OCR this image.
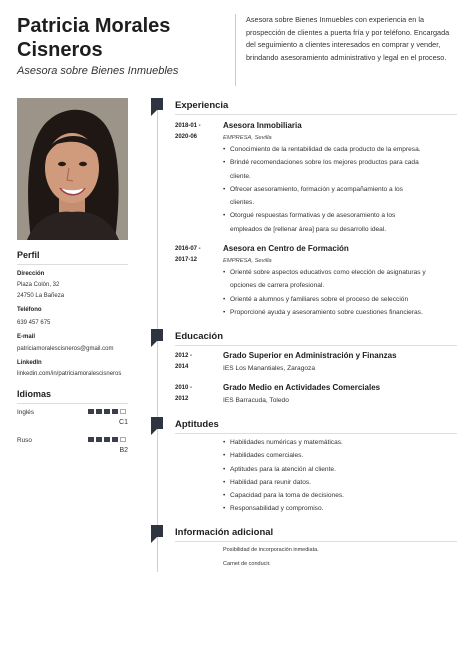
Patricia Morales Cisneros
Asesora sobre Bienes Inmuebles
Asesora sobre Bienes Inmuebles con experiencia en la prospección de clientes a puerta fría y por teléfono. Encargada del seguimiento a clientes interesados en comprar y vender, brindando asesoramiento administrativo y legal en el proceso.
Perfil
Dirección
Plaza Colón, 32
24750 La Bañeza
Teléfono
639 457 675
E-mail
patriciamoralescisneros@gmail.com
LinkedIn
linkedin.com/in/patriciamoralescisneros
Idiomas
Inglés
C1
Ruso
B2
Experiencia
2018-01 -
2020-06
Asesora Inmobiliaria
EMPRESA, Sevilla
• Conocimiento de la rentabilidad de cada producto de la empresa.
• Brindé recomendaciones sobre los mejores productos para cada
cliente.
• Ofrecer asesoramiento, formación y acompañamiento a los
clientes.
• Otorgué respuestas formativas y de asesoramiento a los
empleados de [rellenar área] para su desarrollo ideal.
2016-07 -
2017-12
Asesora en Centro de Formación
EMPRESA, Sevilla
• Orienté sobre aspectos educativos como elección de asignaturas y
opciones de carrera profesional.
• Orienté a alumnos y familiares sobre el proceso de selección
• Proporcioné ayuda y asesoramiento sobre cuestiones financieras.
Educación
2012 -
2014
Grado Superior en Administración y Finanzas
IES Los Manantiales, Zaragoza
2010 -
2012
Grado Medio en Actividades Comerciales
IES Barracuda, Toledo
Aptitudes
• Habilidades numéricas y matemáticas.
• Habilidades comerciales.
• Aptitudes para la atención al cliente.
• Habilidad para reunir datos.
• Capacidad para la toma de decisiones.
• Responsabilidad y compromiso.
Información adicional
Posibilidad de incorporación inmediata.
Carnet de conducir.
